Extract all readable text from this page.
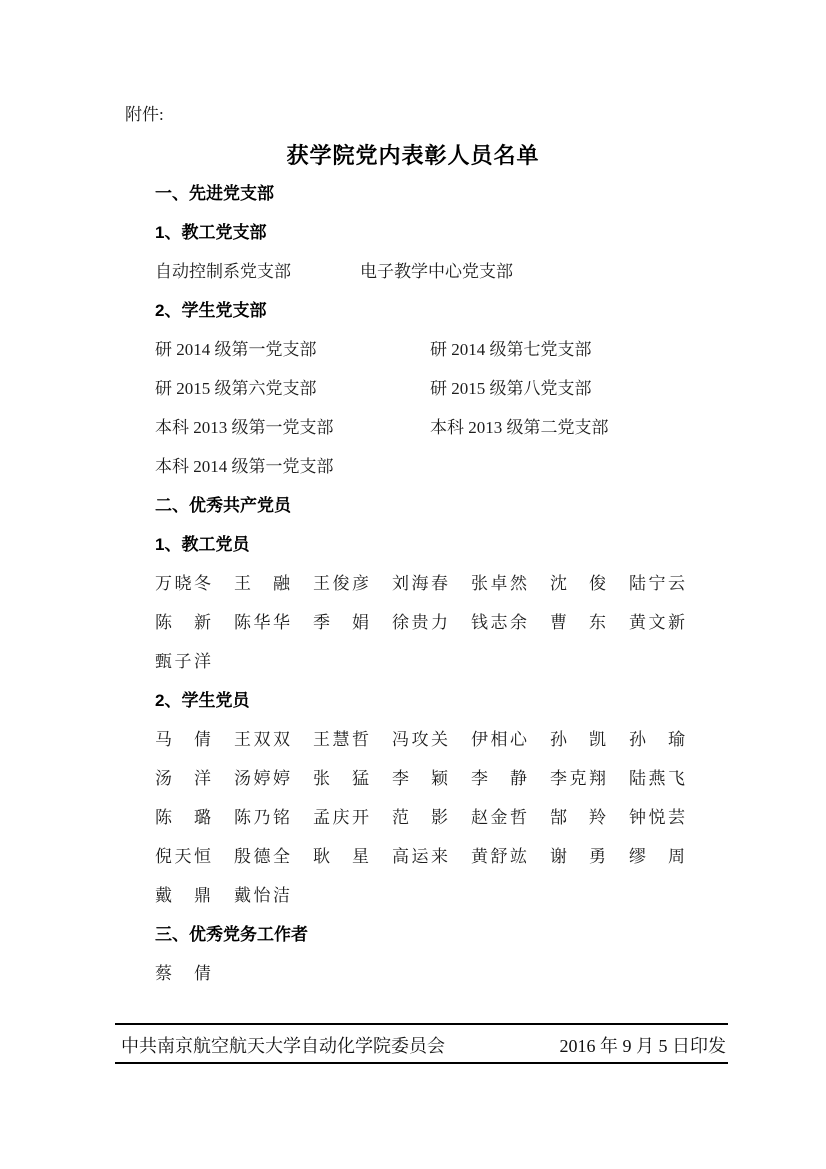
附件:
获学院党内表彰人员名单
一、先进党支部
1、教工党支部
自动控制系党支部	电子教学中心党支部
2、学生党支部
研 2014 级第一党支部	研 2014 级第七党支部
研 2015 级第六党支部	研 2015 级第八党支部
本科 2013 级第一党支部	本科 2013 级第二党支部
本科 2014 级第一党支部
二、优秀共产党员
1、教工党员
万晓冬 王　融 王俊彦 刘海春 张卓然 沈　俊 陆宁云
陈　新 陈华华 季　娟 徐贵力 钱志余 曹　东 黄文新
甄子洋
2、学生党员
马　倩 王双双 王慧哲 冯攻关 伊相心 孙　凯 孙　瑜
汤　洋 汤婷婷 张　猛 李　颖 李　静 李克翔 陆燕飞
陈　璐 陈乃铭 孟庆开 范　影 赵金哲 郜　羚 钟悦芸
倪天恒 殷德全 耿　星 高运来 黄舒竑 谢　勇 缪　周
戴　鼎 戴怡洁
三、优秀党务工作者
蔡　倩
中共南京航空航天大学自动化学院委员会	2016 年 9 月 5 日印发
